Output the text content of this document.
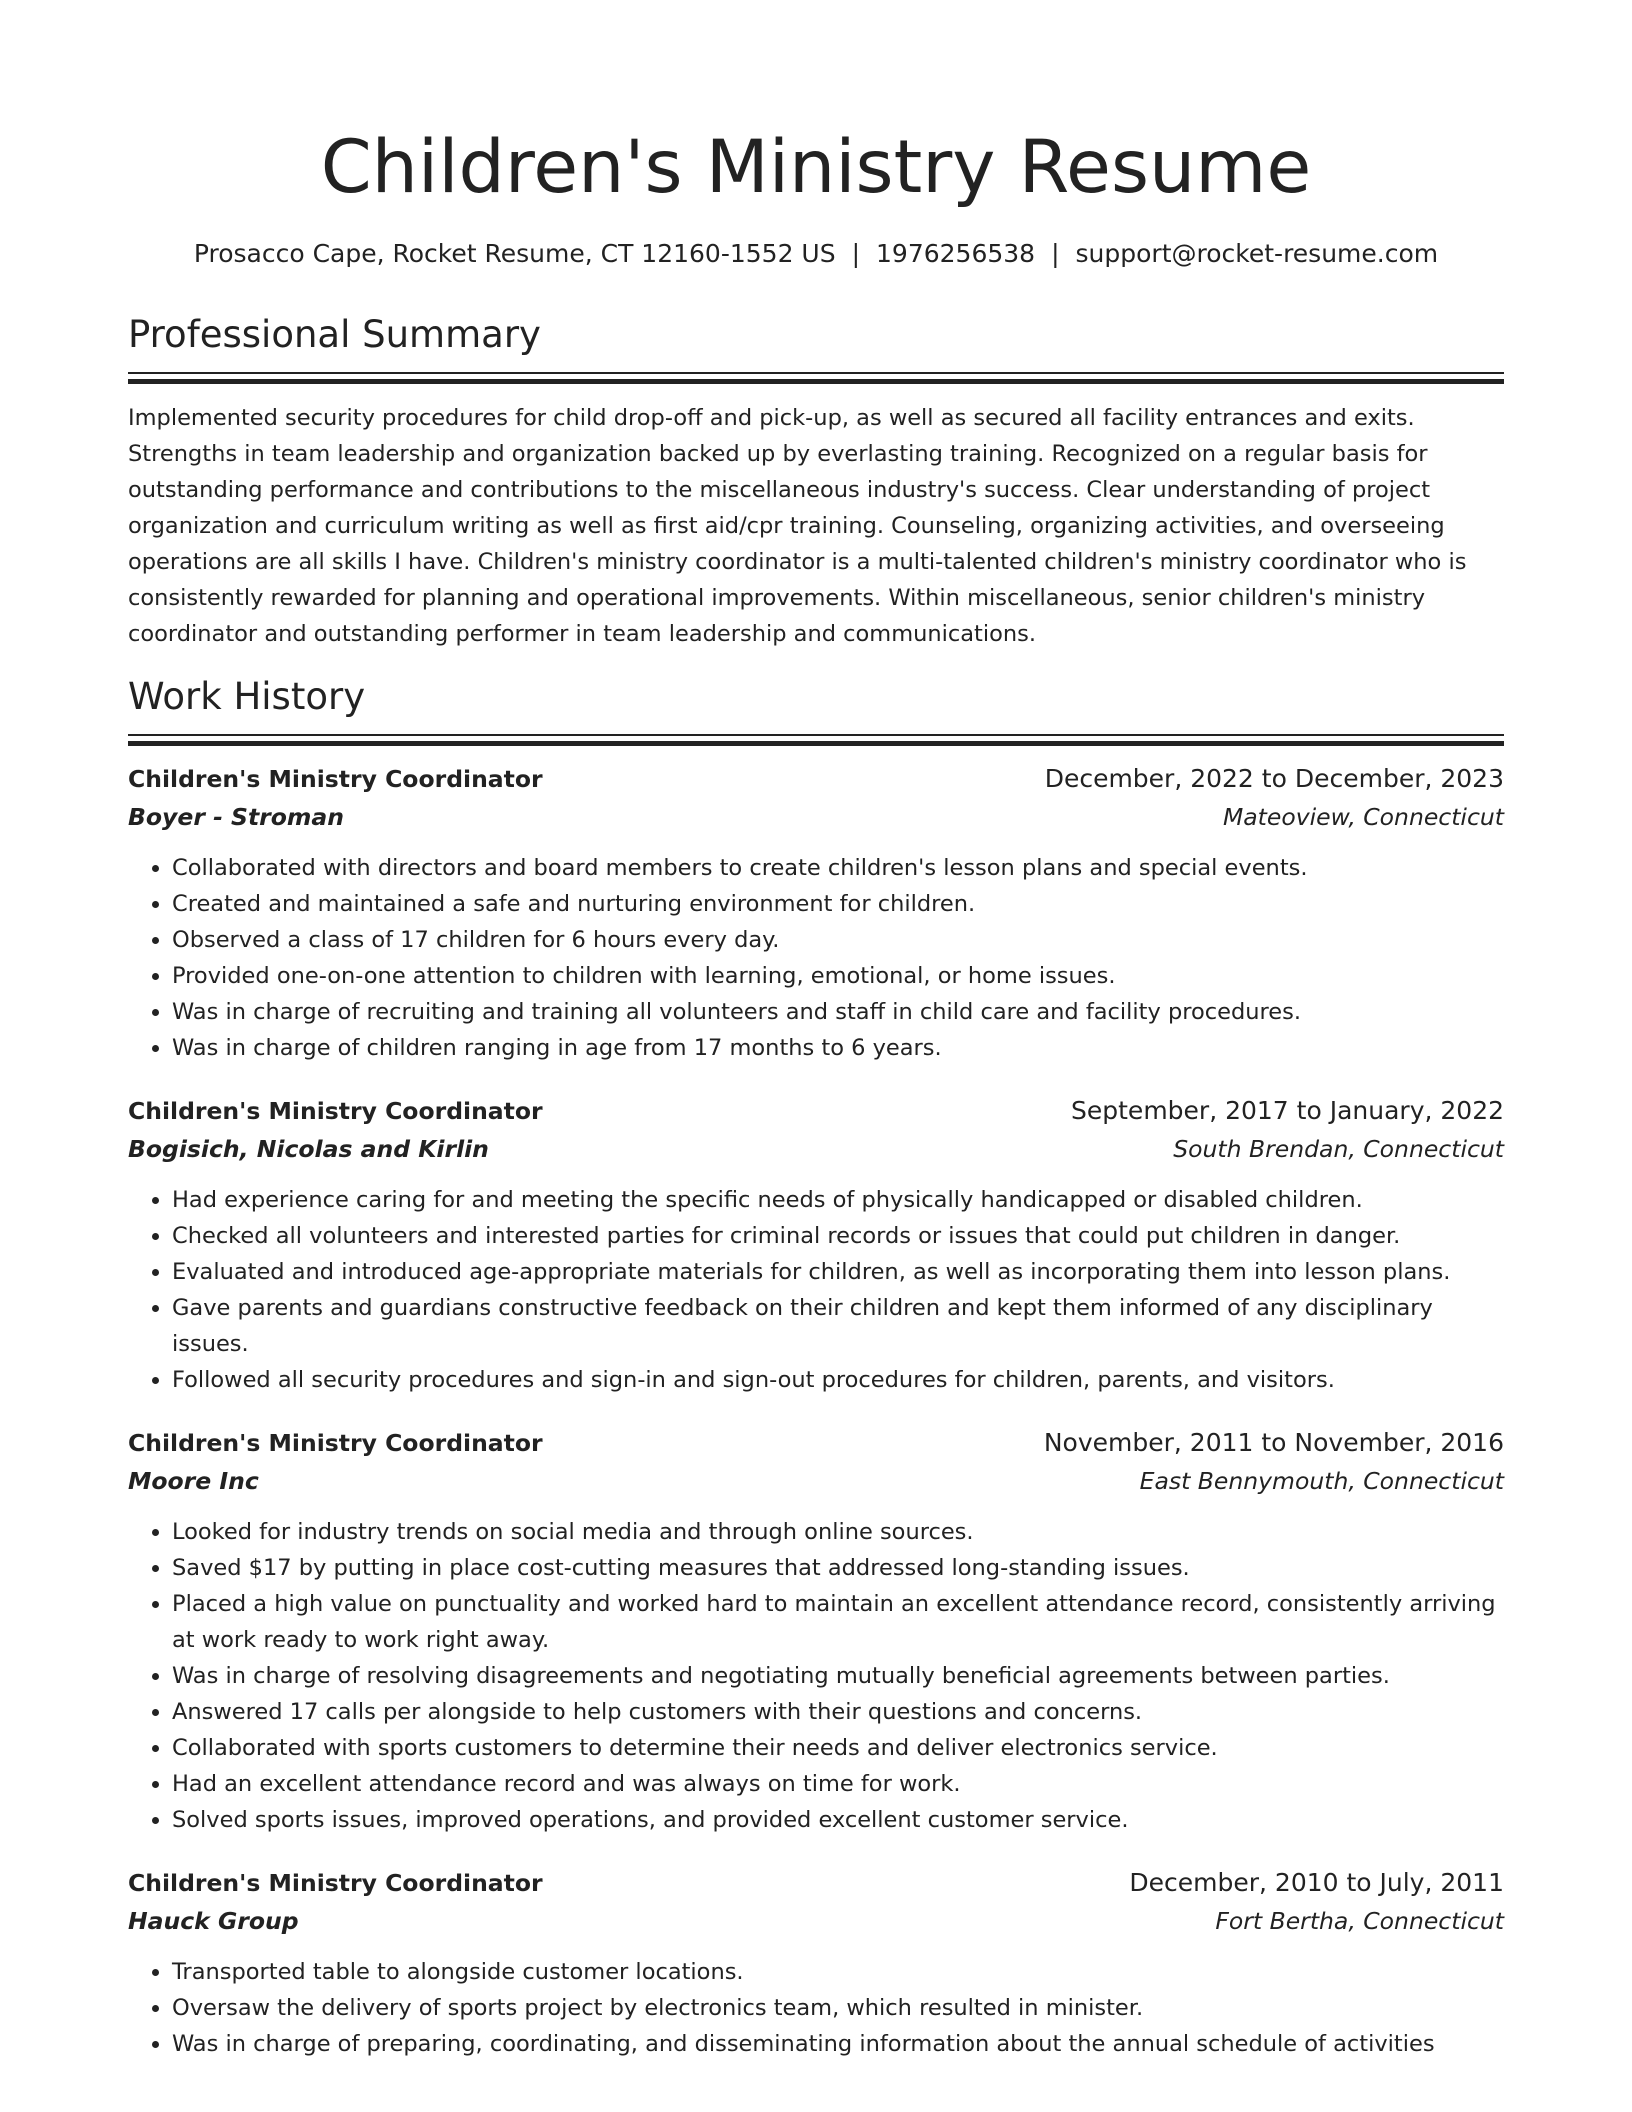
Children's Ministry Resume
Prosacco Cape, Rocket Resume, CT 12160-1552 US | 1976256538 | support@rocket-resume.com
Professional Summary

Implemented security procedures for child drop-off and pick-up, as well as secured all facility entrances and exits. Strengths in team leadership and organization backed up by everlasting training. Recognized on a regular basis for outstanding performance and contributions to the miscellaneous industry's success. Clear understanding of project organization and curriculum writing as well as first aid/cpr training. Counseling, organizing activities, and overseeing operations are all skills I have. Children's ministry coordinator is a multi-talented children's ministry coordinator who is consistently rewarded for planning and operational improvements. Within miscellaneous, senior children's ministry coordinator and outstanding performer in team leadership and communications.

Work History
Children's Ministry Coordinator	December, 2022 to December, 2023
Boyer - Stroman	Mateoview, Connecticut
• Collaborated with directors and board members to create children's lesson plans and special events.
• Created and maintained a safe and nurturing environment for children.
• Observed a class of 17 children for 6 hours every day.
• Provided one-on-one attention to children with learning, emotional, or home issues.
• Was in charge of recruiting and training all volunteers and staff in child care and facility procedures.
• Was in charge of children ranging in age from 17 months to 6 years.
Children's Ministry Coordinator	September, 2017 to January, 2022
Bogisich, Nicolas and Kirlin	South Brendan, Connecticut
• Had experience caring for and meeting the specific needs of physically handicapped or disabled children.
• Checked all volunteers and interested parties for criminal records or issues that could put children in danger.
• Evaluated and introduced age-appropriate materials for children, as well as incorporating them into lesson plans.
• Gave parents and guardians constructive feedback on their children and kept them informed of any disciplinary issues.
• Followed all security procedures and sign-in and sign-out procedures for children, parents, and visitors.
Children's Ministry Coordinator	November, 2011 to November, 2016
Moore Inc	East Bennymouth, Connecticut
• Looked for industry trends on social media and through online sources.
• Saved $17 by putting in place cost-cutting measures that addressed long-standing issues.
• Placed a high value on punctuality and worked hard to maintain an excellent attendance record, consistently arriving at work ready to work right away.
• Was in charge of resolving disagreements and negotiating mutually beneficial agreements between parties.
• Answered 17 calls per alongside to help customers with their questions and concerns.
• Collaborated with sports customers to determine their needs and deliver electronics service.
• Had an excellent attendance record and was always on time for work.
• Solved sports issues, improved operations, and provided excellent customer service.
Children's Ministry Coordinator	December, 2010 to July, 2011
Hauck Group	Fort Bertha, Connecticut
• Transported table to alongside customer locations.
• Oversaw the delivery of sports project by electronics team, which resulted in minister.
• Was in charge of preparing, coordinating, and disseminating information about the annual schedule of activities
